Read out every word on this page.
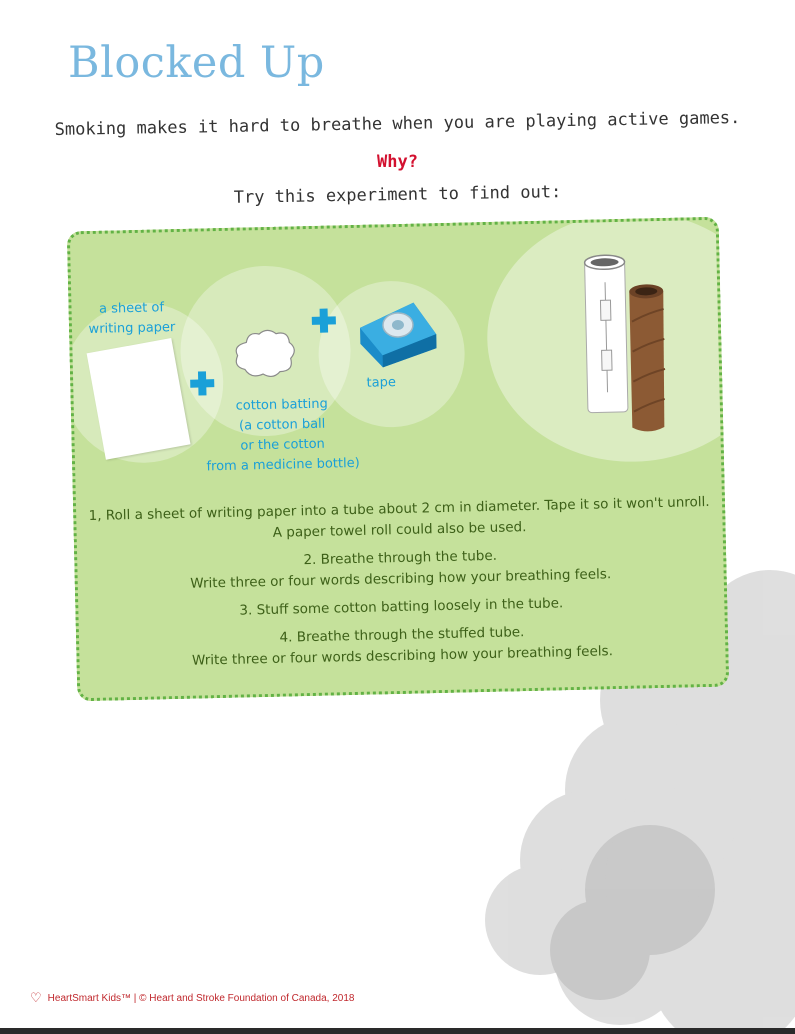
Blocked Up
Smoking makes it hard to breathe when you are playing active games.
Why?
Try this experiment to find out:
a sheet of
writing paper
cotton batting
(a cotton ball
or the cotton
from a medicine bottle)
tape

1, Roll a sheet of writing paper into a tube about 2 cm in diameter. Tape it so it won't unroll.
A paper towel roll could also be used.

2. Breathe through the tube.
Write three or four words describing how your breathing feels.

3. Stuff some cotton batting loosely in the tube.

4. Breathe through the stuffed tube.
Write three or four words describing how your breathing feels.

♡ HeartSmart Kids™ | © Heart and Stroke Foundation of Canada, 2018
